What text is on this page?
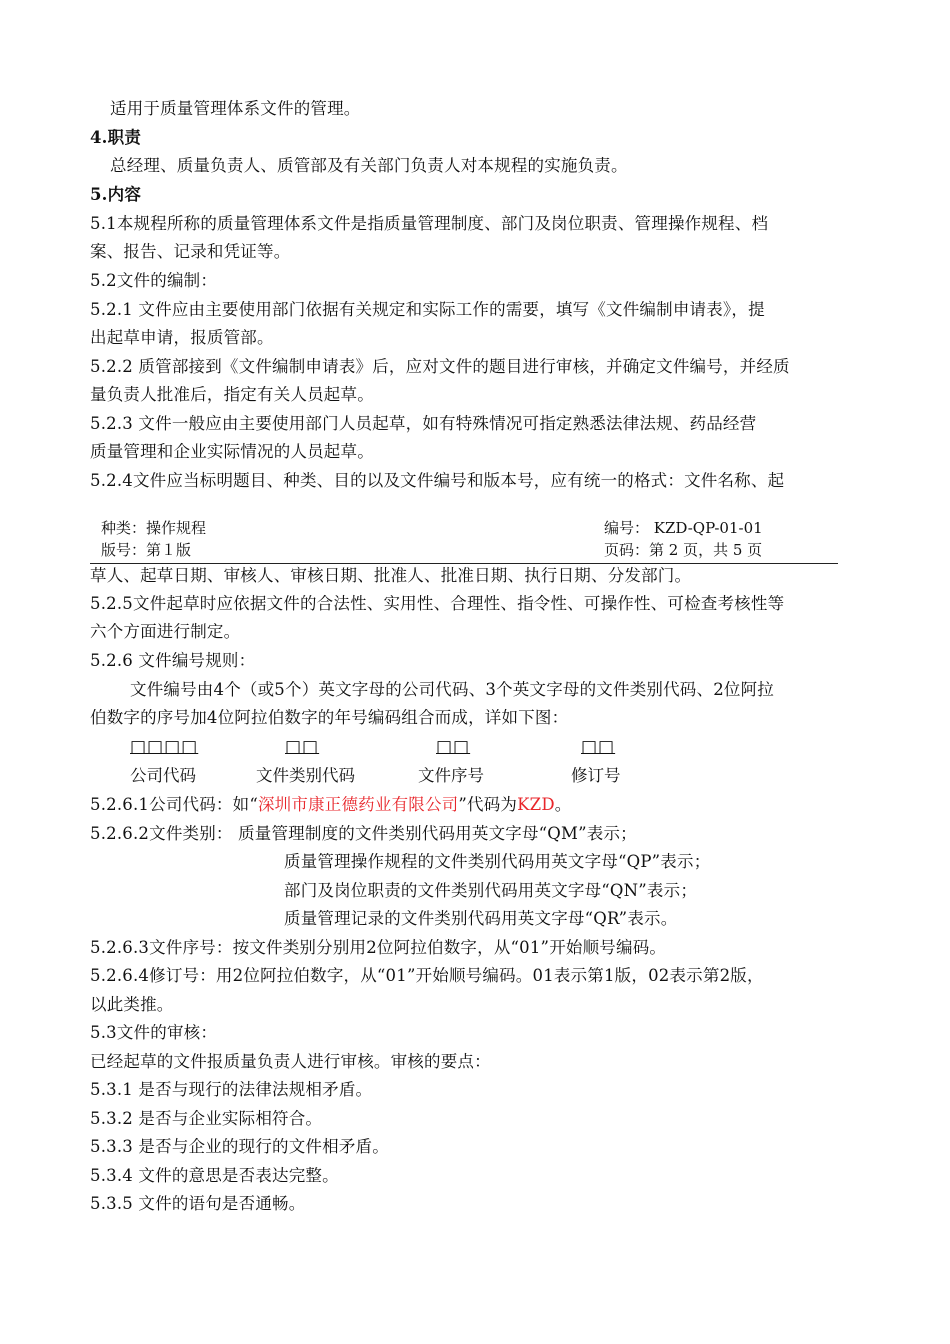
适用于质量管理体系文件的管理。
4.职责
总经理、质量负责人、质管部及有关部门负责人对本规程的实施负责。
5.内容
5.1本规程所称的质量管理体系文件是指质量管理制度、部门及岗位职责、管理操作规程、档
案、报告、记录和凭证等。
5.2文件的编制：
5.2.1 文件应由主要使用部门依据有关规定和实际工作的需要，填写《文件编制申请表》，提
出起草申请，报质管部。
5.2.2 质管部接到《文件编制申请表》后，应对文件的题目进行审核，并确定文件编号，并经质
量负责人批准后，指定有关人员起草。
5.2.3 文件一般应由主要使用部门人员起草，如有特殊情况可指定熟悉法律法规、药品经营
质量管理和企业实际情况的人员起草。
5.2.4文件应当标明题目、种类、目的以及文件编号和版本号，应有统一的格式：文件名称、起
种类：操作规程
版号：第１版
编号： KZD-QP-01-01
页码：第 2 页，共 5 页
草人、起草日期、审核人、审核日期、批准人、批准日期、执行日期、分发部门。
5.2.5文件起草时应依据文件的合法性、实用性、合理性、指令性、可操作性、可检查考核性等
六个方面进行制定。
5.2.6 文件编号规则：
文件编号由4个（或5个）英文字母的公司代码、3个英文字母的文件类别代码、2位阿拉
伯数字的序号加4位阿拉伯数字的年号编码组合而成，详如下图：
□□□□	□□	□□	□□
公司代码	文件类别代码	文件序号	修订号
5.2.6.1公司代码：如“深圳市康正德药业有限公司”代码为KZD。
5.2.6.2文件类别： 质量管理制度的文件类别代码用英文字母“QM”表示；
质量管理操作规程的文件类别代码用英文字母“QP”表示；
部门及岗位职责的文件类别代码用英文字母“QN”表示；
质量管理记录的文件类别代码用英文字母“QR”表示。
5.2.6.3文件序号：按文件类别分别用2位阿拉伯数字，从“01”开始顺号编码。
5.2.6.4修订号：用2位阿拉伯数字，从“01”开始顺号编码。01表示第1版，02表示第2版，
以此类推。
5.3文件的审核：
已经起草的文件报质量负责人进行审核。审核的要点：
5.3.1 是否与现行的法律法规相矛盾。
5.3.2 是否与企业实际相符合。
5.3.3 是否与企业的现行的文件相矛盾。
5.3.4 文件的意思是否表达完整。
5.3.5 文件的语句是否通畅。
